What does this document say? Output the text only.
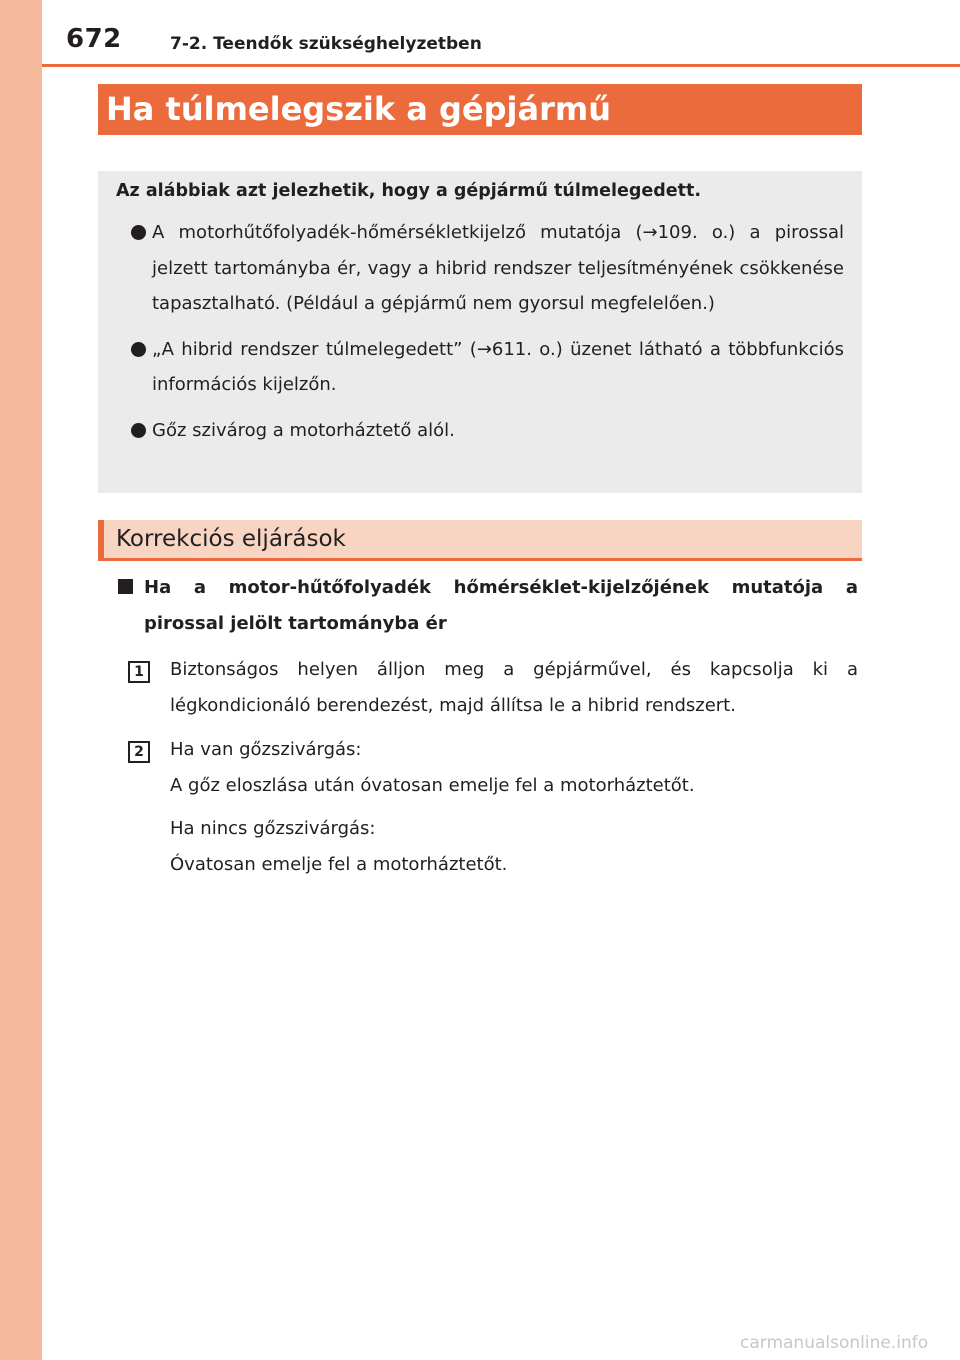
672	7-2. Teendők szükséghelyzetben
Ha túlmelegszik a gépjármű
Az alábbiak azt jelezhetik, hogy a gépjármű túlmelegedett.
A motorhűtőfolyadék-hőmérsékletkijelző mutatója (→109. o.) a pirossal jelzett tartományba ér, vagy a hibrid rendszer teljesítményének csökkenése tapasztalható. (Például a gépjármű nem gyorsul megfelelően.)
„A hibrid rendszer túlmelegedett” (→611. o.) üzenet látható a többfunkciós információs kijelzőn.
Gőz szivárog a motorháztető alól.
Korrekciós eljárások
Ha a motor-hűtőfolyadék hőmérséklet-kijelzőjének mutatója a pirossal jelölt tartományba ér
1	Biztonságos helyen álljon meg a gépjárművel, és kapcsolja ki a légkondicionáló berendezést, majd állítsa le a hibrid rendszert.
2	Ha van gőzszivárgás:
A gőz eloszlása után óvatosan emelje fel a motorháztetőt.
Ha nincs gőzszivárgás:
Óvatosan emelje fel a motorháztetőt.
carmanualsonline.info
